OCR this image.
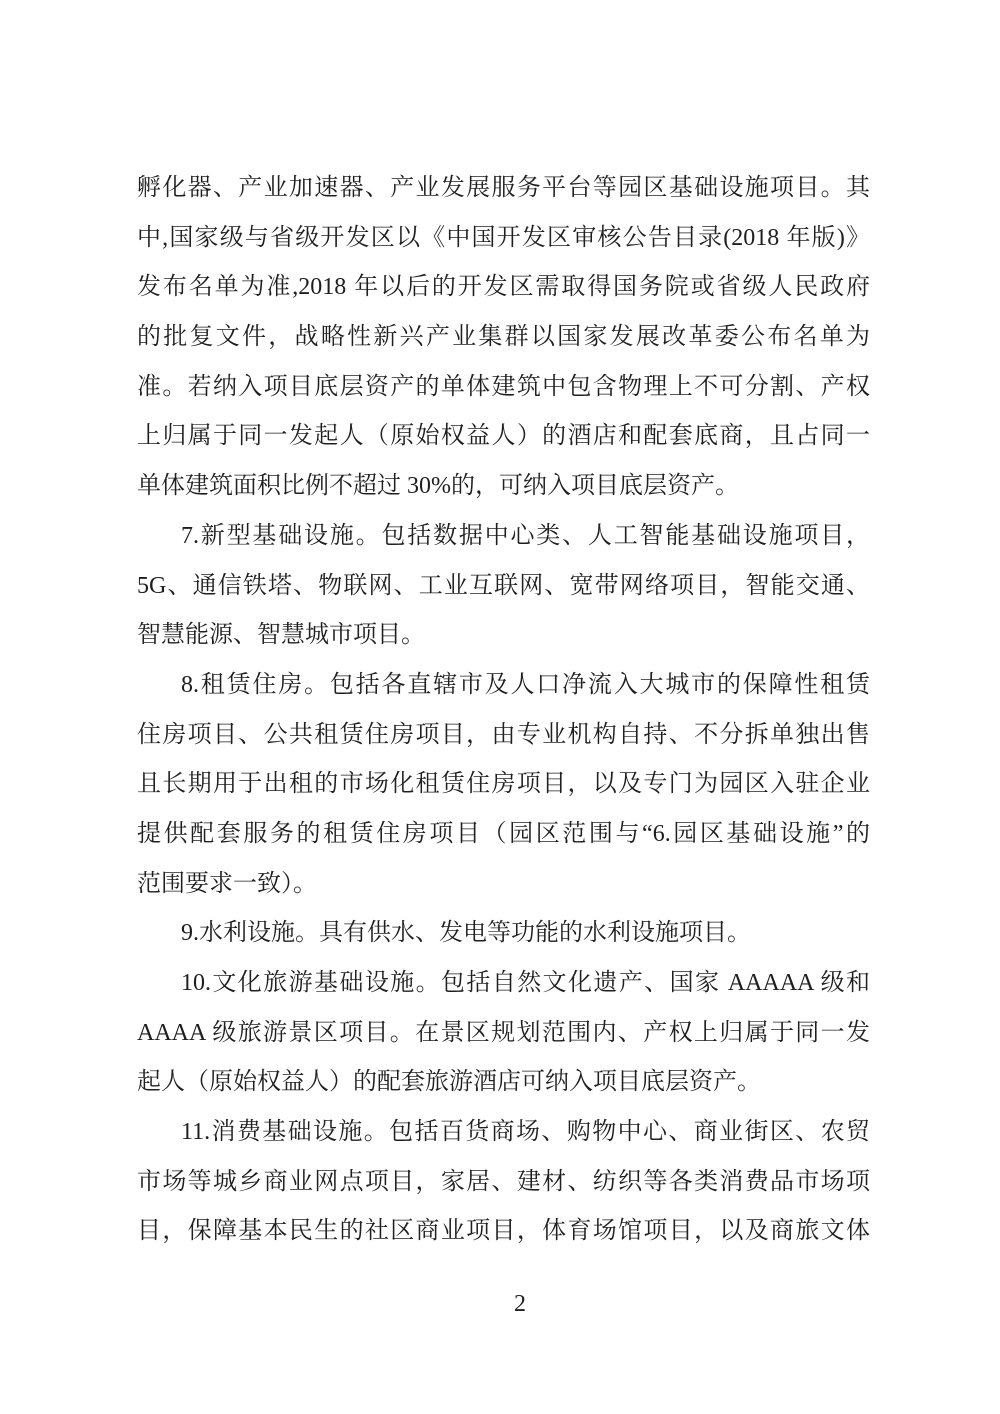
孵化器、产业加速器、产业发展服务平台等园区基础设施项目。其
中,国家级与省级开发区以《中国开发区审核公告目录(2018 年版)》
发布名单为准,2018 年以后的开发区需取得国务院或省级人民政府
的批复文件，战略性新兴产业集群以国家发展改革委公布名单为
准。若纳入项目底层资产的单体建筑中包含物理上不可分割、产权
上归属于同一发起人（原始权益人）的酒店和配套底商，且占同一
单体建筑面积比例不超过 30%的，可纳入项目底层资产。
7.新型基础设施。包括数据中心类、人工智能基础设施项目，
5G、通信铁塔、物联网、工业互联网、宽带网络项目，智能交通、
智慧能源、智慧城市项目。
8.租赁住房。包括各直辖市及人口净流入大城市的保障性租赁
住房项目、公共租赁住房项目，由专业机构自持、不分拆单独出售
且长期用于出租的市场化租赁住房项目，以及专门为园区入驻企业
提供配套服务的租赁住房项目（园区范围与“6.园区基础设施”的
范围要求一致）。
9.水利设施。具有供水、发电等功能的水利设施项目。
10.文化旅游基础设施。包括自然文化遗产、国家 AAAAA 级和
AAAA 级旅游景区项目。在景区规划范围内、产权上归属于同一发
起人（原始权益人）的配套旅游酒店可纳入项目底层资产。
11.消费基础设施。包括百货商场、购物中心、商业街区、农贸
市场等城乡商业网点项目，家居、建材、纺织等各类消费品市场项
目，保障基本民生的社区商业项目，体育场馆项目，以及商旅文体
2
